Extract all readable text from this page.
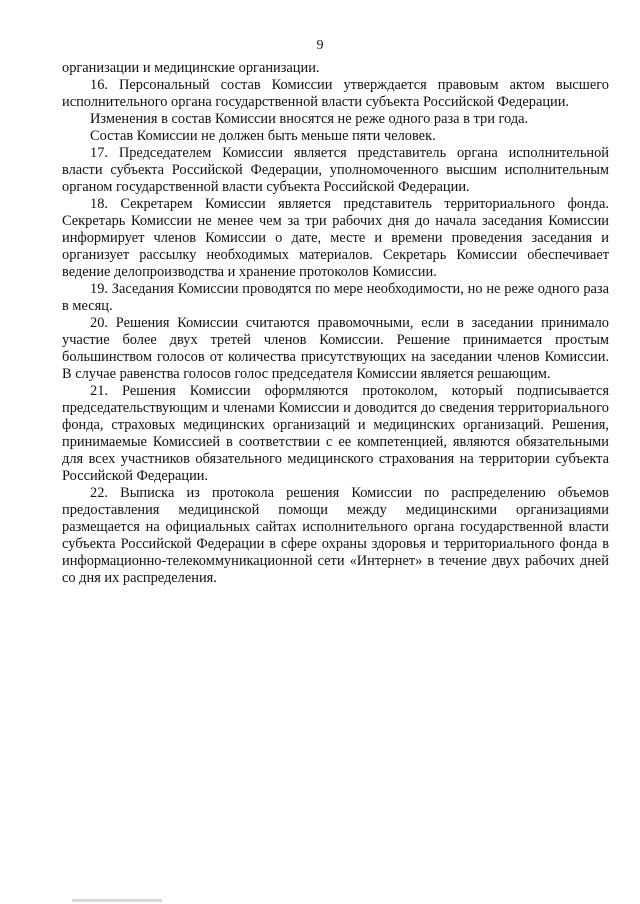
9

организации и медицинские организации.

16. Персональный состав Комиссии утверждается правовым актом высшего исполнительного органа государственной власти субъекта Российской Федерации.

Изменения в состав Комиссии вносятся не реже одного раза в три года.

Состав Комиссии не должен быть меньше пяти человек.

17. Председателем Комиссии является представитель органа исполнительной власти субъекта Российской Федерации, уполномоченного высшим исполнительным органом государственной власти субъекта Российской Федерации.

18. Секретарем Комиссии является представитель территориального фонда. Секретарь Комиссии не менее чем за три рабочих дня до начала заседания Комиссии информирует членов Комиссии о дате, месте и времени проведения заседания и организует рассылку необходимых материалов. Секретарь Комиссии обеспечивает ведение делопроизводства и хранение протоколов Комиссии.

19. Заседания Комиссии проводятся по мере необходимости, но не реже одного раза в месяц.

20. Решения Комиссии считаются правомочными, если в заседании принимало участие более двух третей членов Комиссии. Решение принимается простым большинством голосов от количества присутствующих на заседании членов Комиссии. В случае равенства голосов голос председателя Комиссии является решающим.

21. Решения Комиссии оформляются протоколом, который подписывается председательствующим и членами Комиссии и доводится до сведения территориального фонда, страховых медицинских организаций и медицинских организаций. Решения, принимаемые Комиссией в соответствии с ее компетенцией, являются обязательными для всех участников обязательного медицинского страхования на территории субъекта Российской Федерации.

22. Выписка из протокола решения Комиссии по распределению объемов предоставления медицинской помощи между медицинскими организациями размещается на официальных сайтах исполнительного органа государственной власти субъекта Российской Федерации в сфере охраны здоровья и территориального фонда в информационно-телекоммуникационной сети «Интернет» в течение двух рабочих дней со дня их распределения.
